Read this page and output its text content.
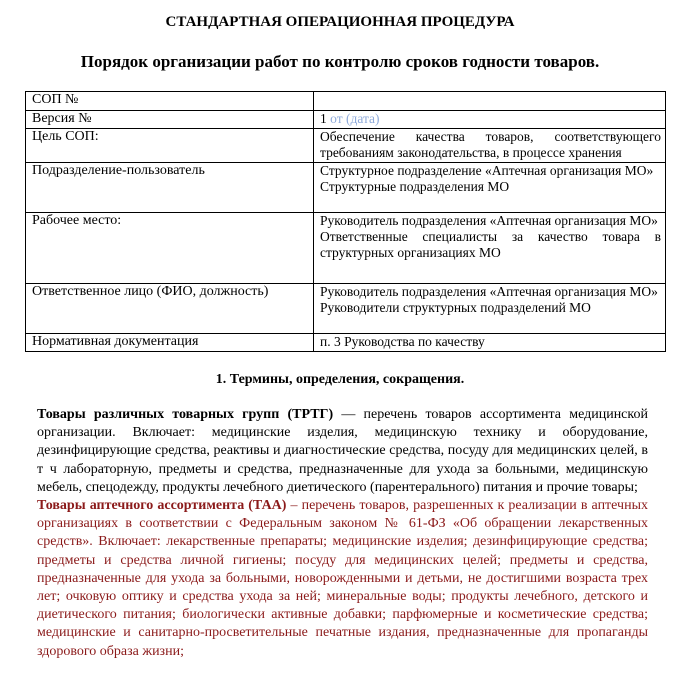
СТАНДАРТНАЯ ОПЕРАЦИОННАЯ ПРОЦЕДУРА
Порядок организации работ по контролю сроков годности товаров.
СОП №	

Версия №	1 от (дата)
Цель СОП:	Обеспечение качества товаров, соответствующего требованиям законодательства, в процессе хранения

Подразделение-пользователь	Структурное подразделение «Аптечная организация МО»

Структурные подразделения МО

Рабочее место:	Руководитель подразделения «Аптечная организация МО»

Ответственные специалисты за качество товара в структурных организациях МО

Ответственное лицо (ФИО, должность)	Руководитель подразделения «Аптечная организация МО»

Руководители структурных подразделений МО

Нормативная документация	п. 3 Руководства по качеству

1. Термины, определения, сокращения.

Товары различных товарных групп (ТРТГ) — перечень товаров ассортимента медицинской организации. Включает: медицинские изделия, медицинскую технику и оборудование, дезинфицирующие средства, реактивы и диагностические средства, посуду для медицинских целей, в т ч лабораторную, предметы и средства, предназначенные для ухода за больными, медицинскую мебель, спецодежду, продукты лечебного диетического (парентерального) питания и прочие товары;

Товары аптечного ассортимента (ТАА) – перечень товаров, разрешенных к реализации в аптечных организациях в соответствии с Федеральным законом № 61-ФЗ «Об обращении лекарственных средств». Включает: лекарственные препараты; медицинские изделия; дезинфицирующие средства; предметы и средства личной гигиены; посуду для медицинских целей; предметы и средства, предназначенные для ухода за больными, новорожденными и детьми, не достигшими возраста трех лет; очковую оптику и средства ухода за ней; минеральные воды; продукты лечебного, детского и диетического питания; биологически активные добавки; парфюмерные и косметические средства; медицинские и санитарно-просветительные печатные издания, предназначенные для пропаганды здорового образа жизни;
